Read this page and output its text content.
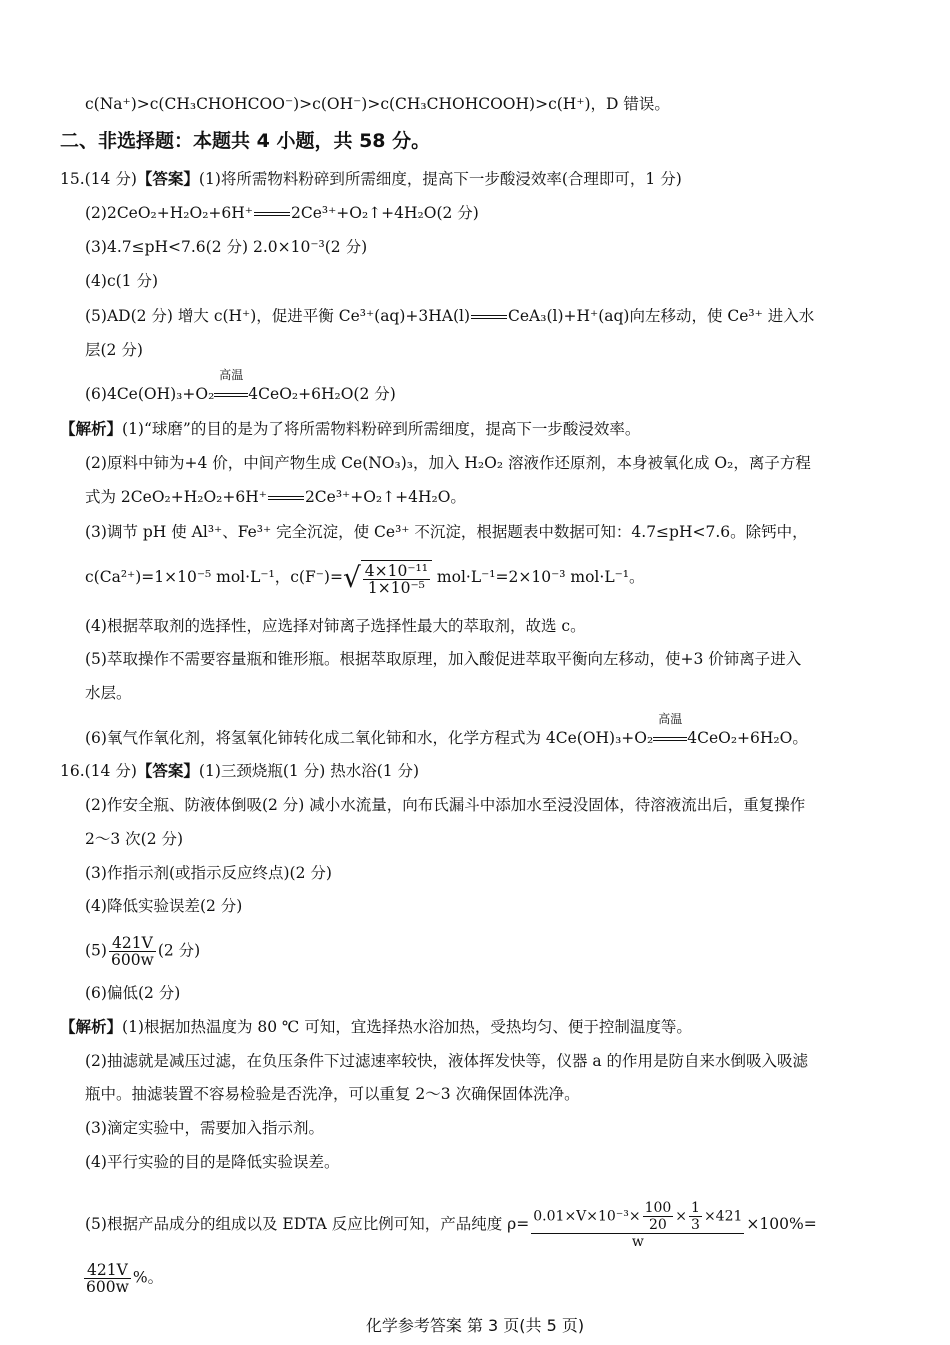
c(Na⁺)>c(CH₃CHOHCOO⁻)>c(OH⁻)>c(CH₃CHOHCOOH)>c(H⁺)，D 错误。
二、非选择题：本题共 4 小题，共 58 分。
15.(14 分)【答案】(1)将所需物料粉碎到所需细度，提高下一步酸浸效率(合理即可，1 分)
(2)2CeO₂+H₂O₂+6H⁺ 2Ce³⁺+O₂↑+4H₂O(2 分)
(3)4.7≤pH<7.6(2 分) 2.0×10⁻³(2 分)
(4)c(1 分)
(5)AD(2 分) 增大 c(H⁺)，促进平衡 Ce³⁺(aq)+3HA(l) CeA₃(l)+H⁺(aq)向左移动，使 Ce³⁺ 进入水
层(2 分)
(6)4Ce(OH)₃+O₂
高温
4CeO₂+6H₂O(2 分)
【解析】(1)“球磨”的目的是为了将所需物料粉碎到所需细度，提高下一步酸浸效率。
(2)原料中铈为+4 价，中间产物生成 Ce(NO₃)₃，加入 H₂O₂ 溶液作还原剂，本身被氧化成 O₂，离子方程
式为 2CeO₂+H₂O₂+6H⁺ 2Ce³⁺+O₂↑+4H₂O。
(3)调节 pH 使 Al³⁺、Fe³⁺ 完全沉淀，使 Ce³⁺ 不沉淀，根据题表中数据可知：4.7≤pH<7.6。除钙中，
c(Ca²⁺)=1×10⁻⁵ mol·L⁻¹，$c(F^-)=√ \frac{\text{4×10⁻¹¹}}{\text{1×10⁻⁵}} mol\cdot L^{-1}=2\times 10^{-3}$ mol·L⁻¹。
(4)根据萃取剂的选择性，应选择对铈离子选择性最大的萃取剂，故选 c。
(5)萃取操作不需要容量瓶和锥形瓶。根据萃取原理，加入酸促进萃取平衡向左移动，使+3 价铈离子进入
水层。
(6)氧气作氧化剂，将氢氧化铈转化成二氧化铈和水，化学方程式为 4Ce(OH)₃+O₂
高温
4CeO₂+6H₂O。
16.(14 分)【答案】(1)三颈烧瓶(1 分) 热水浴(1 分)
(2)作安全瓶、防液体倒吸(2 分) 减小水流量，向布氏漏斗中添加水至浸没固体，待溶液流出后，重复操作
2～3 次(2 分)
(3)作指示剂(或指示反应终点)(2 分)
(4)降低实验误差(2 分)
$(5) \frac{421V}{600w} (2$ 分)
(6)偏低(2 分)
【解析】(1)根据加热温度为 80 ℃ 可知，宜选择热水浴加热，受热均匀、便于控制温度等。
(2)抽滤就是减压过滤，在负压条件下过滤速率较快，液体挥发快等，仪器 a 的作用是防自来水倒吸入吸滤
瓶中。抽滤装置不容易检验是否洗净，可以重复 2～3 次确保固体洗净。
(3)滴定实验中，需要加入指示剂。
(4)平行实验的目的是降低实验误差。
(5)根据产品成分的组成以及 EDTA 反应比例可知，产品纯度 $\rho= \frac{0.01\times V\times 10^{-3}\times \frac{100}{20} \times \frac{1}{3} \times 421}{w} \times 100\%=$
$\frac{421V}{600w}$ %。
化学参考答案 第 3 页(共 5 页)
